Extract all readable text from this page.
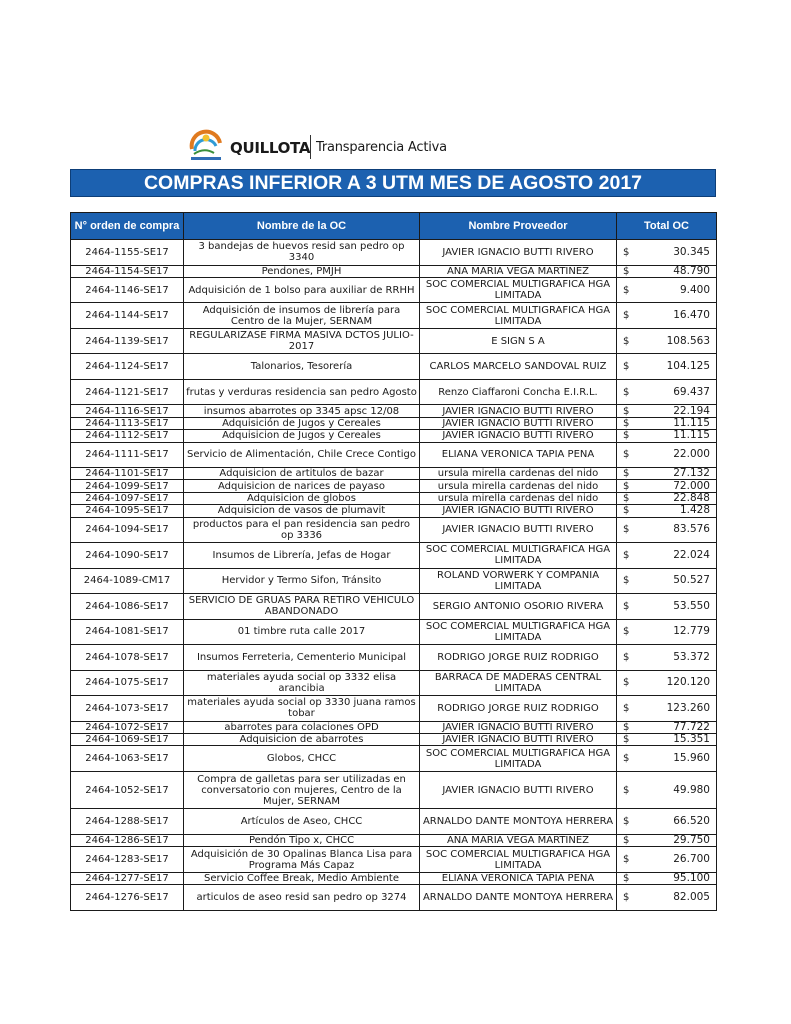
QUILLOTA Transparencia Activa
COMPRAS INFERIOR A 3 UTM MES DE AGOSTO 2017
N° orden de compra	Nombre de la OC	Nombre Proveedor	Total OC
2464-1155-SE17	3 bandejas de huevos resid san pedro op 3340	JAVIER IGNACIO BUTTI RIVERO	$ 30.345

2464-1154-SE17	Pendones, PMJH	ANA MARIA VEGA MARTINEZ	$ 48.790

2464-1146-SE17	Adquisición de 1 bolso para auxiliar de RRHH	SOC COMERCIAL MULTIGRAFICA HGA LIMITADA	$ 9.400

2464-1144-SE17	Adquisición de insumos de librería para Centro de la Mujer, SERNAM	SOC COMERCIAL MULTIGRAFICA HGA LIMITADA	$ 16.470

2464-1139-SE17	REGULARIZASE FIRMA MASIVA DCTOS JULIO-2017	E SIGN S A	$ 108.563

2464-1124-SE17	Talonarios, Tesorería	CARLOS MARCELO SANDOVAL RUIZ	$ 104.125

2464-1121-SE17	frutas y verduras residencia san pedro Agosto	Renzo Ciaffaroni Concha E.I.R.L.	$ 69.437

2464-1116-SE17	insumos abarrotes op 3345 apsc 12/08	JAVIER IGNACIO BUTTI RIVERO	$ 22.194

2464-1113-SE17	Adquisición de Jugos y Cereales	JAVIER IGNACIO BUTTI RIVERO	$ 11.115

2464-1112-SE17	Adquisicion de Jugos y Cereales	JAVIER IGNACIO BUTTI RIVERO	$ 11.115

2464-1111-SE17	Servicio de Alimentación, Chile Crece Contigo	ELIANA VERONICA TAPIA PENA	$ 22.000

2464-1101-SE17	Adquisicion de artitulos de bazar	ursula mirella cardenas del nido	$ 27.132

2464-1099-SE17	Adquisicion de narices de payaso	ursula mirella cardenas del nido	$ 72.000

2464-1097-SE17	Adquisicion de globos	ursula mirella cardenas del nido	$ 22.848

2464-1095-SE17	Adquisicion de vasos de plumavit	JAVIER IGNACIO BUTTI RIVERO	$ 1.428

2464-1094-SE17	productos para el pan residencia san pedro op 3336	JAVIER IGNACIO BUTTI RIVERO	$ 83.576

2464-1090-SE17	Insumos de Librería, Jefas de Hogar	SOC COMERCIAL MULTIGRAFICA HGA LIMITADA	$ 22.024

2464-1089-CM17	Hervidor y Termo Sifon, Tránsito	ROLAND VORWERK Y COMPANIA LIMITADA	$ 50.527

2464-1086-SE17	SERVICIO DE GRUAS PARA RETIRO VEHICULO ABANDONADO	SERGIO ANTONIO OSORIO RIVERA	$ 53.550

2464-1081-SE17	01 timbre ruta calle 2017	SOC COMERCIAL MULTIGRAFICA HGA LIMITADA	$ 12.779

2464-1078-SE17	Insumos Ferreteria, Cementerio Municipal	RODRIGO JORGE RUIZ RODRIGO	$ 53.372

2464-1075-SE17	materiales ayuda social op 3332 elisa arancibia	BARRACA DE MADERAS CENTRAL LIMITADA	$ 120.120

2464-1073-SE17	materiales ayuda social op 3330 juana ramos tobar	RODRIGO JORGE RUIZ RODRIGO	$ 123.260

2464-1072-SE17	abarrotes para colaciones OPD	JAVIER IGNACIO BUTTI RIVERO	$ 77.722

2464-1069-SE17	Adquisicion de abarrotes	JAVIER IGNACIO BUTTI RIVERO	$ 15.351

2464-1063-SE17	Globos, CHCC	SOC COMERCIAL MULTIGRAFICA HGA LIMITADA	$ 15.960

2464-1052-SE17	Compra de galletas para ser utilizadas en conversatorio con mujeres, Centro de la Mujer, SERNAM	JAVIER IGNACIO BUTTI RIVERO	$ 49.980

2464-1288-SE17	Artículos de Aseo, CHCC	ARNALDO DANTE MONTOYA HERRERA	$ 66.520

2464-1286-SE17	Pendón Tipo x, CHCC	ANA MARIA VEGA MARTINEZ	$ 29.750

2464-1283-SE17	Adquisición de 30 Opalinas Blanca Lisa para Programa Más Capaz	SOC COMERCIAL MULTIGRAFICA HGA LIMITADA	$ 26.700

2464-1277-SE17	Servicio Coffee Break, Medio Ambiente	ELIANA VERONICA TAPIA PENA	$ 95.100

2464-1276-SE17	articulos de aseo resid san pedro op 3274	ARNALDO DANTE MONTOYA HERRERA	$ 82.005
